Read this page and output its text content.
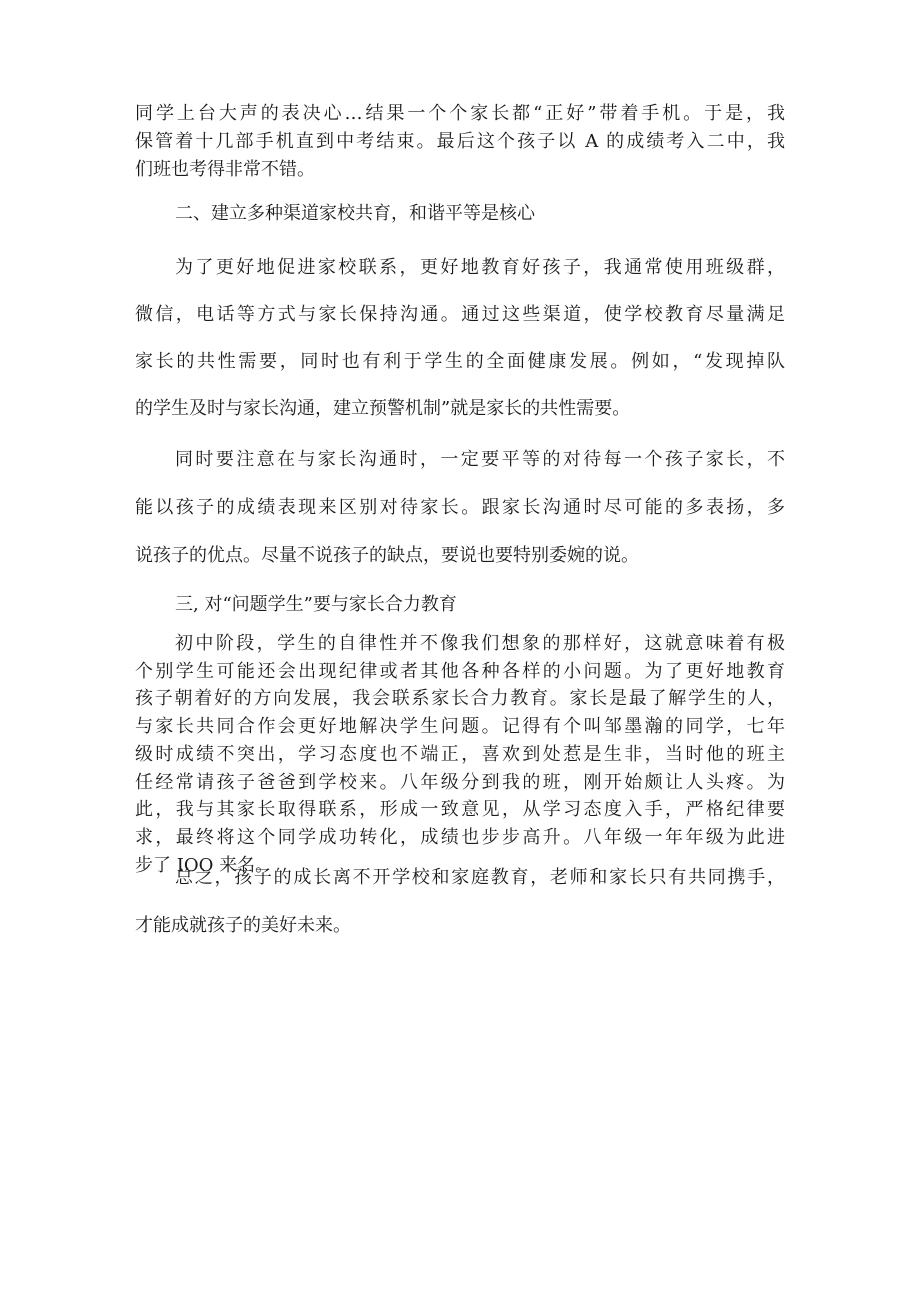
同学上台大声的表决心…结果一个个家长都“正好”带着手机。于是，我
保管着十几部手机直到中考结束。最后这个孩子以 A 的成绩考入二中，我
们班也考得非常不错。
二、建立多种渠道家校共育，和谐平等是核心
为了更好地促进家校联系，更好地教育好孩子，我通常使用班级群，
微信，电话等方式与家长保持沟通。通过这些渠道，使学校教育尽量满足
家长的共性需要，同时也有利于学生的全面健康发展。例如，“发现掉队
的学生及时与家长沟通，建立预警机制”就是家长的共性需要。
同时要注意在与家长沟通时，一定要平等的对待每一个孩子家长，不
能以孩子的成绩表现来区别对待家长。跟家长沟通时尽可能的多表扬，多
说孩子的优点。尽量不说孩子的缺点，要说也要特别委婉的说。
三, 对“问题学生”要与家长合力教育
初中阶段，学生的自律性并不像我们想象的那样好，这就意味着有极
个别学生可能还会出现纪律或者其他各种各样的小问题。为了更好地教育
孩子朝着好的方向发展，我会联系家长合力教育。家长是最了解学生的人，
与家长共同合作会更好地解决学生问题。记得有个叫邹墨瀚的同学，七年
级时成绩不突出，学习态度也不端正，喜欢到处惹是生非，当时他的班主
任经常请孩子爸爸到学校来。八年级分到我的班，刚开始颇让人头疼。为
此，我与其家长取得联系，形成一致意见，从学习态度入手，严格纪律要
求，最终将这个同学成功转化，成绩也步步高升。八年级一年年级为此进
步了 IOO 来名。
总之，孩子的成长离不开学校和家庭教育，老师和家长只有共同携手，
才能成就孩子的美好未来。
